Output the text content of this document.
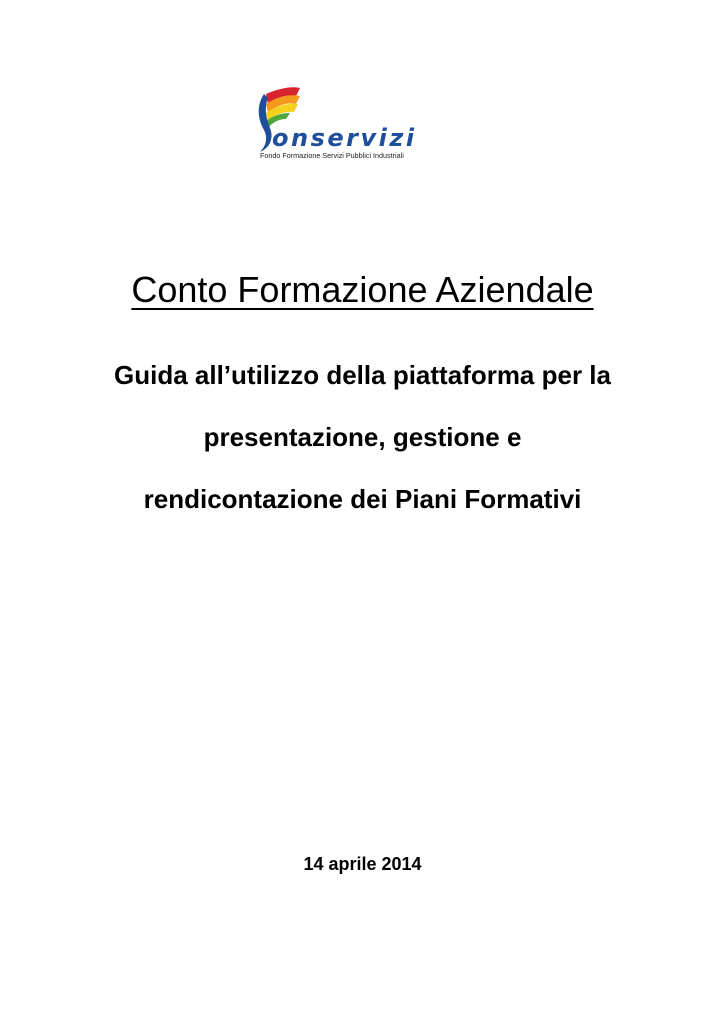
onservizi
Fondo Formazione Servizi Pubblici Industriali
Conto Formazione Aziendale
Guida all’utilizzo della piattaforma per la
presentazione, gestione e
rendicontazione dei Piani Formativi
14 aprile 2014
